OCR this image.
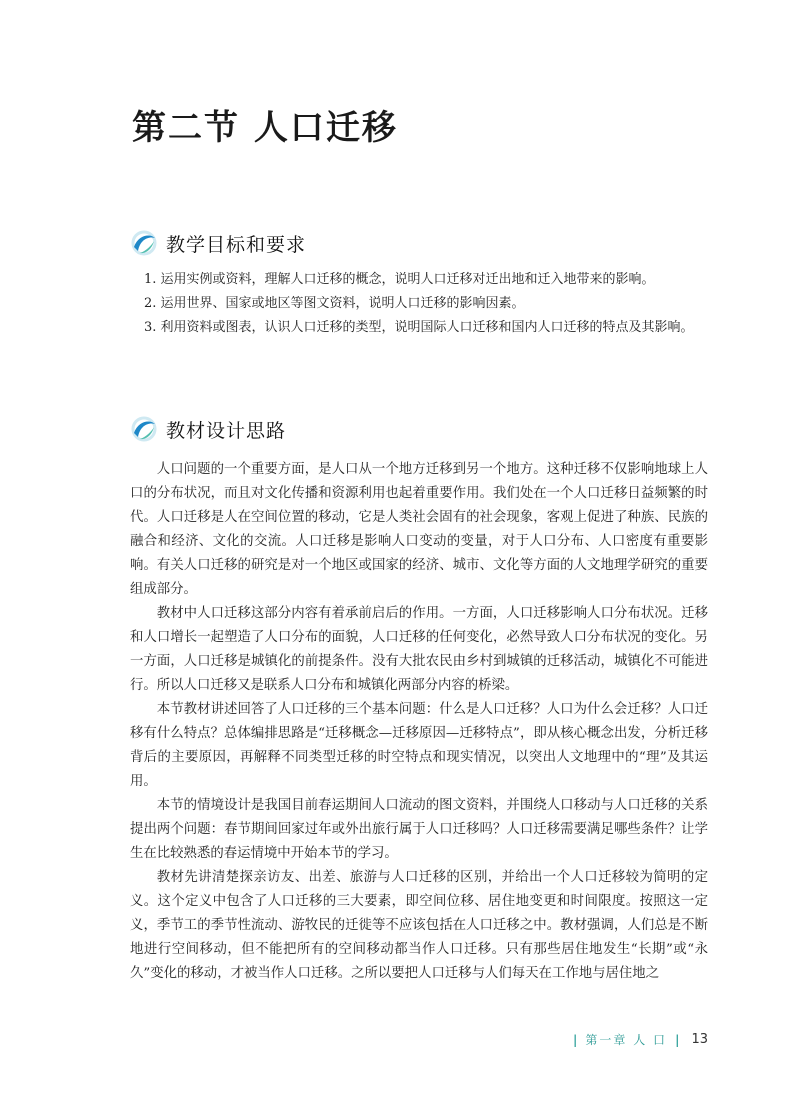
第二节 人口迁移
教学目标和要求
1. 运用实例或资料，理解人口迁移的概念，说明人口迁移对迁出地和迁入地带来的影响。
2. 运用世界、国家或地区等图文资料，说明人口迁移的影响因素。
3. 利用资料或图表，认识人口迁移的类型，说明国际人口迁移和国内人口迁移的特点及其影响。
教材设计思路

人口问题的一个重要方面，是人口从一个地方迁移到另一个地方。这种迁移不仅影响地球上人口的分布状况，而且对文化传播和资源利用也起着重要作用。我们处在一个人口迁移日益频繁的时代。人口迁移是人在空间位置的移动，它是人类社会固有的社会现象，客观上促进了种族、民族的融合和经济、文化的交流。人口迁移是影响人口变动的变量，对于人口分布、人口密度有重要影响。有关人口迁移的研究是对一个地区或国家的经济、城市、文化等方面的人文地理学研究的重要组成部分。

教材中人口迁移这部分内容有着承前启后的作用。一方面，人口迁移影响人口分布状况。迁移和人口增长一起塑造了人口分布的面貌，人口迁移的任何变化，必然导致人口分布状况的变化。另一方面，人口迁移是城镇化的前提条件。没有大批农民由乡村到城镇的迁移活动，城镇化不可能进行。所以人口迁移又是联系人口分布和城镇化两部分内容的桥梁。

本节教材讲述回答了人口迁移的三个基本问题：什么是人口迁移？人口为什么会迁移？人口迁移有什么特点？总体编排思路是“迁移概念—迁移原因—迁移特点”，即从核心概念出发，分析迁移背后的主要原因，再解释不同类型迁移的时空特点和现实情况，以突出人文地理中的“理”及其运用。

本节的情境设计是我国目前春运期间人口流动的图文资料，并围绕人口移动与人口迁移的关系提出两个问题：春节期间回家过年或外出旅行属于人口迁移吗？人口迁移需要满足哪些条件？让学生在比较熟悉的春运情境中开始本节的学习。

教材先讲清楚探亲访友、出差、旅游与人口迁移的区别，并给出一个人口迁移较为简明的定义。这个定义中包含了人口迁移的三大要素，即空间位移、居住地变更和时间限度。按照这一定义，季节工的季节性流动、游牧民的迁徙等不应该包括在人口迁移之中。教材强调，人们总是不断地进行空间移动，但不能把所有的空间移动都当作人口迁移。只有那些居住地发生“长期”或“永久”变化的移动，才被当作人口迁移。之所以要把人口迁移与人们每天在工作地与居住地之

| 第一章 人 口 | 13
